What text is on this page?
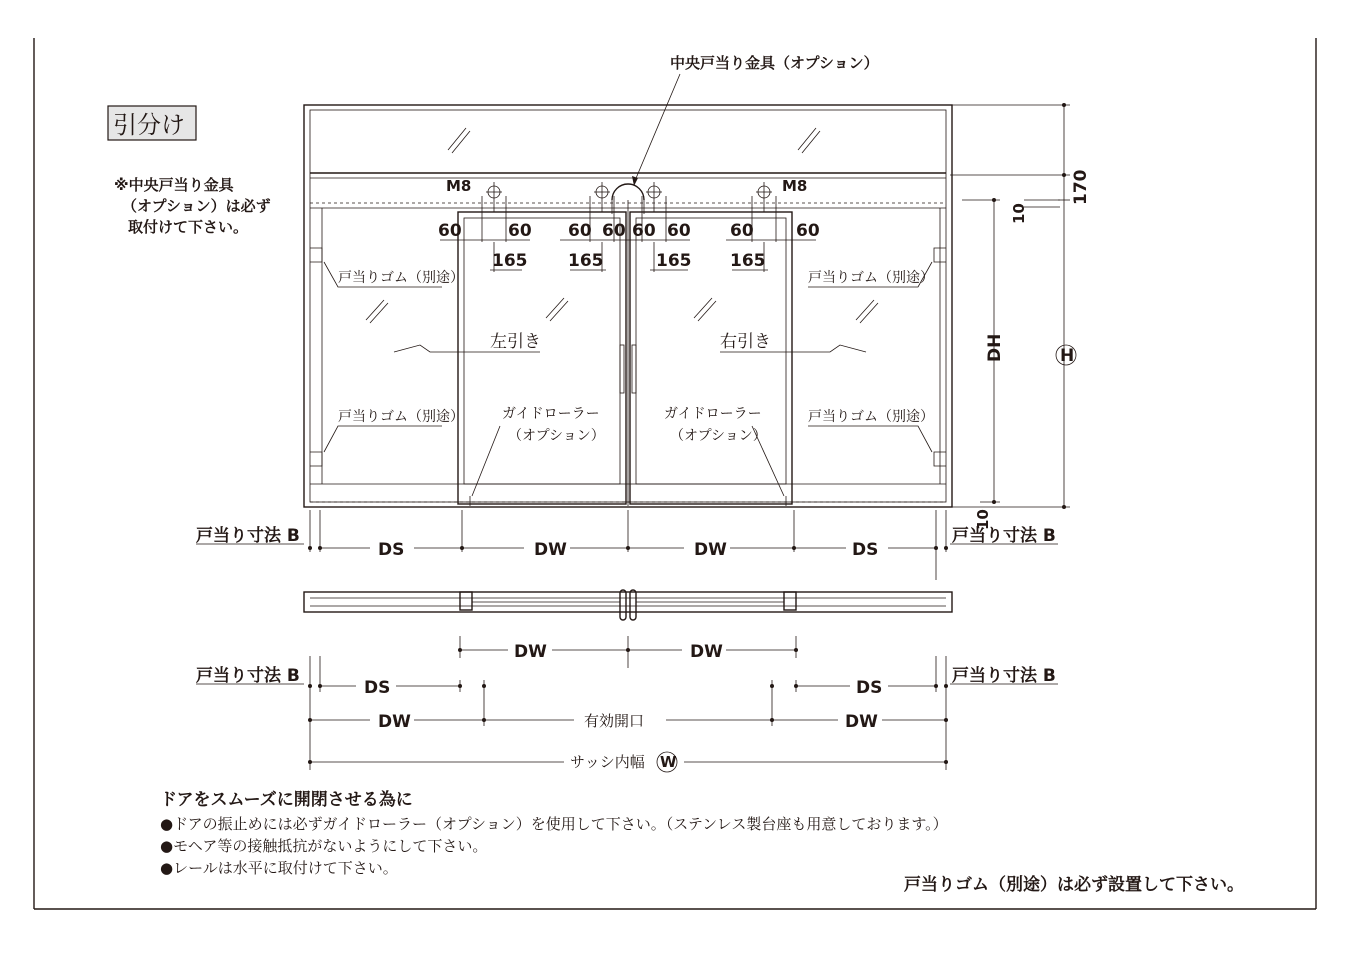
引分け
※中央戸当り金具
（オプション）は必ず
取付けて下さい。
中央戸当り金具（オプション）
M8	M8
60	60 60 60 60 60 60 60
165 165	165 165
戸当りゴム（別途）	戸当りゴム（別途）
戸当りゴム（別途）	戸当りゴム（別途）
左引き	右引き
ガイドローラー
（オプション）
ガイドローラー
（オプション）
170
10
DH	H
10
戸当り寸法 B	戸当り寸法 B
DS	DW	DW	DS
DW	DW
戸当り寸法 B	戸当り寸法 B
DS	DS
DW	有効開口	DW
サッシ内幅 W
ドアをスムーズに開閉させる為に
●ドアの振止めには必ずガイドローラー（オプション）を使用して下さい。（ステンレス製台座も用意しております。）
●モヘア等の接触抵抗がないようにして下さい。
●レールは水平に取付けて下さい。
戸当りゴム（別途）は必ず設置して下さい。
